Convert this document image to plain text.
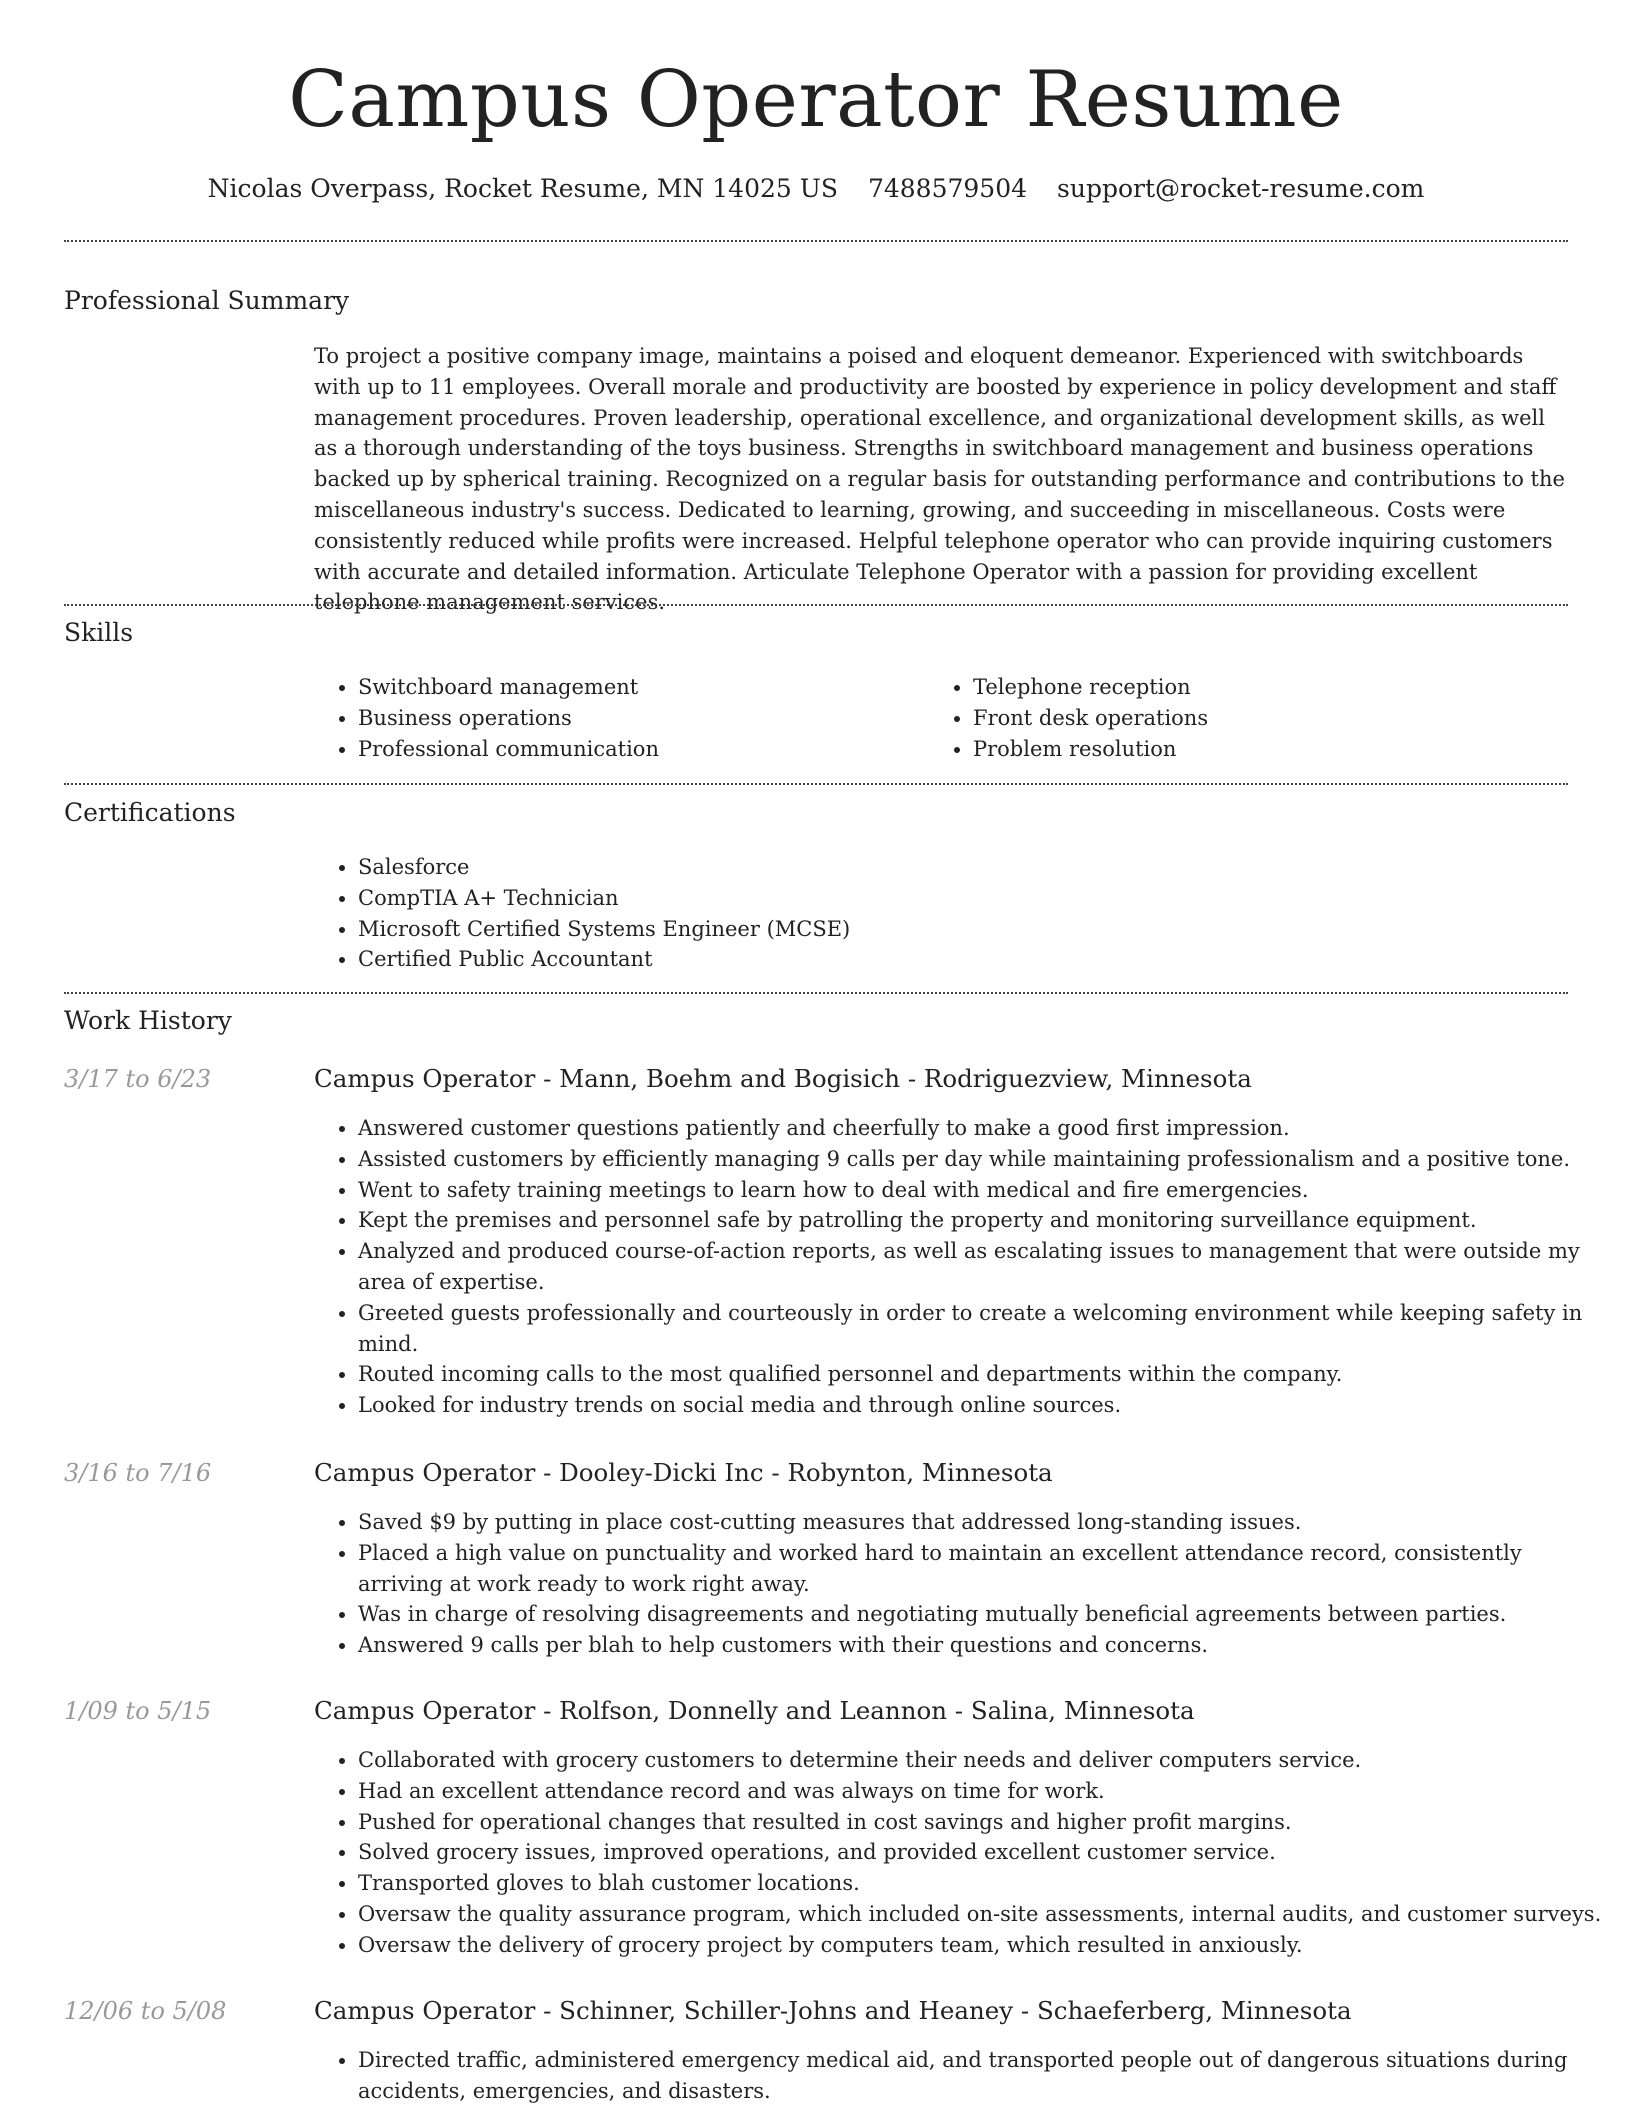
Campus Operator Resume
Nicolas Overpass, Rocket Resume, MN 14025 US 7488579504 support@rocket-resume.com
Professional Summary

To project a positive company image, maintains a poised and eloquent demeanor. Experienced with switchboards with up to 11 employees. Overall morale and productivity are boosted by experience in policy development and staff management procedures. Proven leadership, operational excellence, and organizational development skills, as well as a thorough understanding of the toys business. Strengths in switchboard management and business operations backed up by spherical training. Recognized on a regular basis for outstanding performance and contributions to the miscellaneous industry's success. Dedicated to learning, growing, and succeeding in miscellaneous. Costs were consistently reduced while profits were increased. Helpful telephone operator who can provide inquiring customers with accurate and detailed information. Articulate Telephone Operator with a passion for providing excellent telephone management services.

Skills
• Switchboard management
• Business operations
• Professional communication
• Telephone reception
• Front desk operations
• Problem resolution
Certifications
• Salesforce
• CompTIA A+ Technician
• Microsoft Certified Systems Engineer (MCSE)
• Certified Public Accountant
Work History
3/17 to 6/23	Campus Operator - Mann, Boehm and Bogisich - Rodriguezview, Minnesota
• Answered customer questions patiently and cheerfully to make a good first impression.
• Assisted customers by efficiently managing 9 calls per day while maintaining professionalism and a positive tone.
• Went to safety training meetings to learn how to deal with medical and fire emergencies.
• Kept the premises and personnel safe by patrolling the property and monitoring surveillance equipment.
• Analyzed and produced course-of-action reports, as well as escalating issues to management that were outside my area of expertise.
• Greeted guests professionally and courteously in order to create a welcoming environment while keeping safety in mind.
• Routed incoming calls to the most qualified personnel and departments within the company.
• Looked for industry trends on social media and through online sources.
3/16 to 7/16	Campus Operator - Dooley-Dicki Inc - Robynton, Minnesota
• Saved $9 by putting in place cost-cutting measures that addressed long-standing issues.
• Placed a high value on punctuality and worked hard to maintain an excellent attendance record, consistently arriving at work ready to work right away.
• Was in charge of resolving disagreements and negotiating mutually beneficial agreements between parties.
• Answered 9 calls per blah to help customers with their questions and concerns.
1/09 to 5/15	Campus Operator - Rolfson, Donnelly and Leannon - Salina, Minnesota
• Collaborated with grocery customers to determine their needs and deliver computers service.
• Had an excellent attendance record and was always on time for work.
• Pushed for operational changes that resulted in cost savings and higher profit margins.
• Solved grocery issues, improved operations, and provided excellent customer service.
• Transported gloves to blah customer locations.
• Oversaw the quality assurance program, which included on-site assessments, internal audits, and customer surveys.
• Oversaw the delivery of grocery project by computers team, which resulted in anxiously.
12/06 to 5/08	Campus Operator - Schinner, Schiller-Johns and Heaney - Schaeferberg, Minnesota
• Directed traffic, administered emergency medical aid, and transported people out of dangerous situations during accidents, emergencies, and disasters.
